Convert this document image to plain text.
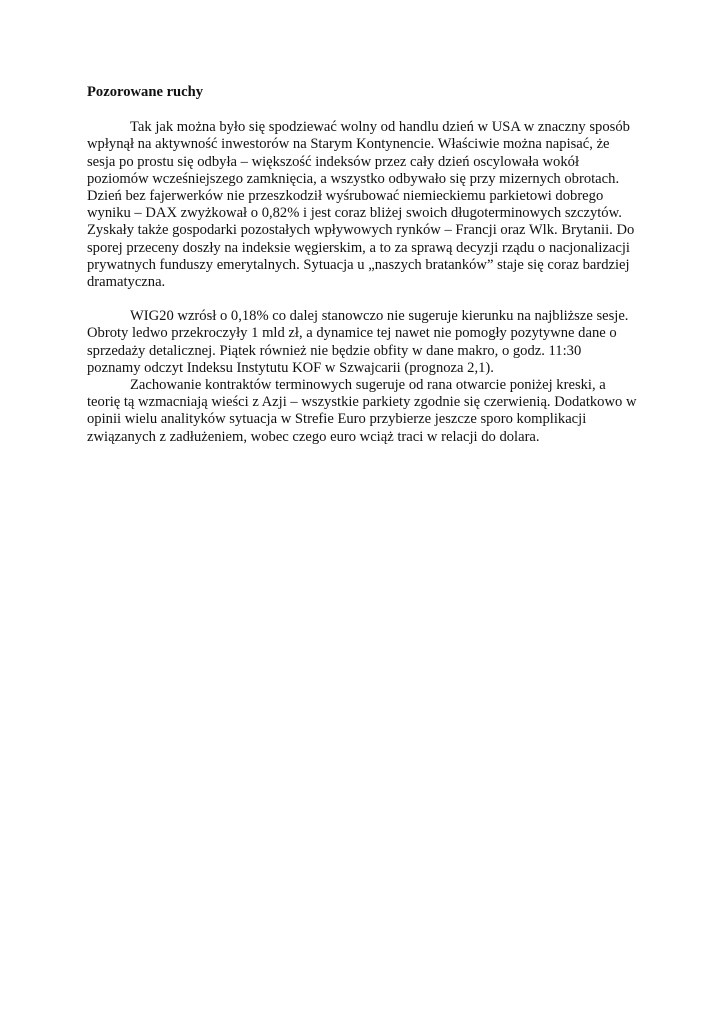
Pozorowane ruchy
Tak jak można było się spodziewać wolny od handlu dzień w USA w znaczny sposób
wpłynął na aktywność inwestorów na Starym Kontynencie. Właściwie można napisać, że
sesja po prostu się odbyła – większość indeksów przez cały dzień oscylowała wokół
poziomów wcześniejszego zamknięcia, a wszystko odbywało się przy mizernych obrotach.
Dzień bez fajerwerków nie przeszkodził wyśrubować niemieckiemu parkietowi dobrego
wyniku – DAX zwyżkował o 0,82% i jest coraz bliżej swoich długoterminowych szczytów.
Zyskały także gospodarki pozostałych wpływowych rynków – Francji oraz Wlk. Brytanii. Do
sporej przeceny doszły na indeksie węgierskim, a to za sprawą decyzji rządu o nacjonalizacji
prywatnych funduszy emerytalnych. Sytuacja u „naszych bratanków” staje się coraz bardziej
dramatyczna.
WIG20 wzrósł o 0,18% co dalej stanowczo nie sugeruje kierunku na najbliższe sesje.
Obroty ledwo przekroczyły 1 mld zł, a dynamice tej nawet nie pomogły pozytywne dane o
sprzedaży detalicznej. Piątek również nie będzie obfity w dane makro, o godz. 11:30
poznamy odczyt Indeksu Instytutu KOF w Szwajcarii (prognoza 2,1).
Zachowanie kontraktów terminowych sugeruje od rana otwarcie poniżej kreski, a
teorię tą wzmacniają wieści z Azji – wszystkie parkiety zgodnie się czerwienią. Dodatkowo w
opinii wielu analityków sytuacja w Strefie Euro przybierze jeszcze sporo komplikacji
związanych z zadłużeniem, wobec czego euro wciąż traci w relacji do dolara.
